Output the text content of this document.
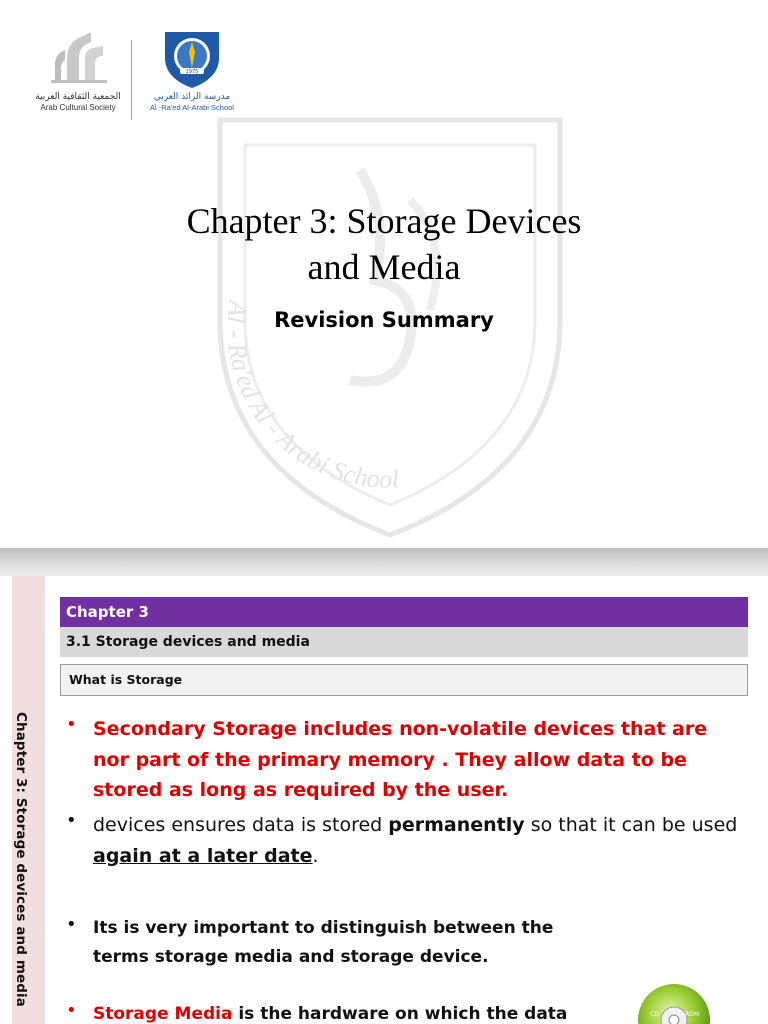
Al - Ra'ed Al - Arabi School
الجمعية الثقافية العربية
Arab Cultural Society
1975
مدرسة الرائد العربي
Al -Ra'ed Al-Arabi School
Chapter 3: Storage Devices
and Media
Revision Summary
Chapter 3: Storage devices and media
Chapter 3
3.1 Storage devices and media
What is Storage
• Secondary Storage includes non-volatile devices that are nor part of the primary memory . They allow data to be stored as long as required by the user.
• devices ensures data is stored permanently so that it can be used again at a later date.
• Its is very important to distinguish between the terms storage media and storage device.
• Storage Media is the hardware on which the data	CD	ROM
